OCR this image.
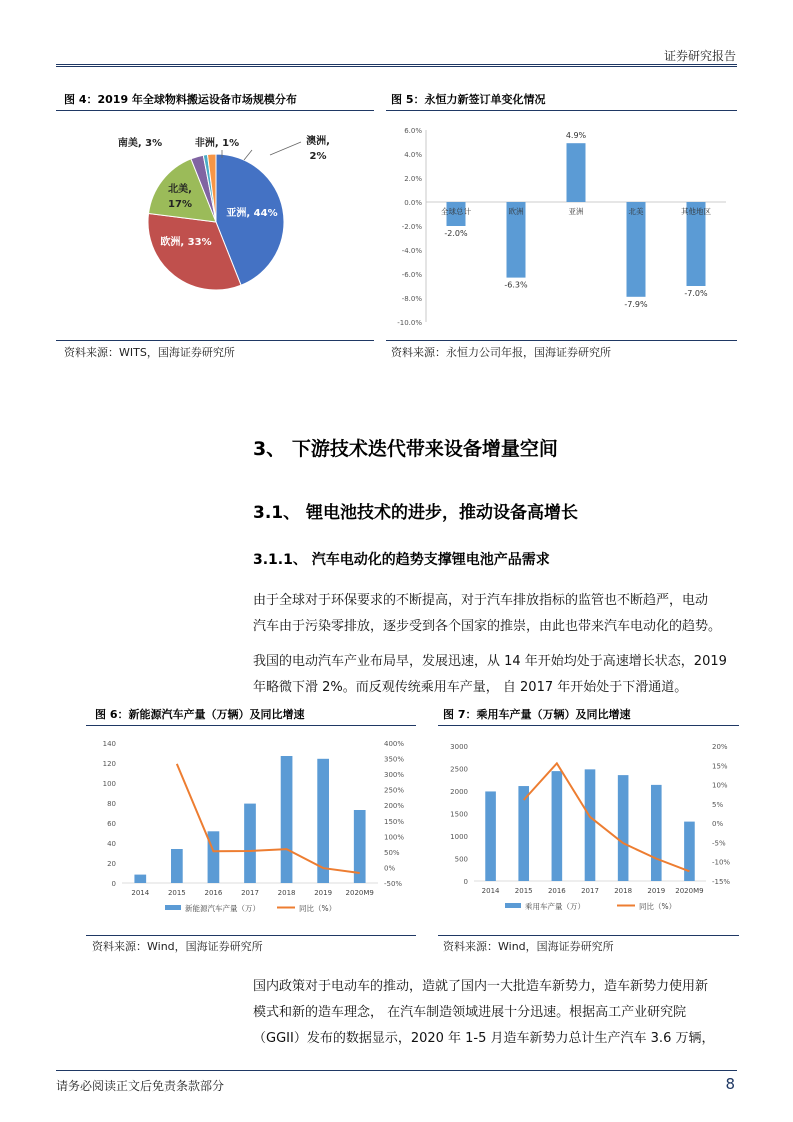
证券研究报告
图 4：2019 年全球物料搬运设备市场规模分布
亚洲, 44%
欧洲, 33%
北美,
17%
南美, 3%	非洲, 1%	澳洲,
2%
资料来源：WITS，国海证券研究所
图 5：永恒力新签订单变化情况
6.0%
4.0%
2.0%
0.0%
-2.0%
-4.0%
-6.0%
-8.0%
-10.0%
全球总计
-2.0%
欧洲
-6.3%
亚洲
4.9%
北美
-7.9%
其他地区
-7.0%
资料来源：永恒力公司年报，国海证券研究所
3、 下游技术迭代带来设备增量空间
3.1、 锂电池技术的进步，推动设备高增长
3.1.1、 汽车电动化的趋势支撑锂电池产品需求

由于全球对于环保要求的不断提高，对于汽车排放指标的监管也不断趋严，电动

汽车由于污染零排放，逐步受到各个国家的推崇，由此也带来汽车电动化的趋势。

我国的电动汽车产业布局早，发展迅速，从 14 年开始均处于高速增长状态，2019

年略微下滑 2%。而反观传统乘用车产量， 自 2017 年开始处于下滑通道。

图 6：新能源汽车产量（万辆）及同比增速
140
120
100
80
60
40
20
0
400%
350%
300%
250%
200%
150%
100%
50%
0%
-50%
2014	2015	2016	2017	2018	2019 2020M9
新能源汽车产量（万）	同比（%）
资料来源：Wind，国海证券研究所
图 7：乘用车产量（万辆）及同比增速
3000
2500
2000
1500
1000
500
0
20%
15%
10%
5%
0%
-5%
-10%
-15%
2014 2015 2016 2017 2018 2019 2020M9
乘用车产量（万）	同比（%）
资料来源：Wind，国海证券研究所

国内政策对于电动车的推动，造就了国内一大批造车新势力，造车新势力使用新

模式和新的造车理念， 在汽车制造领域进展十分迅速。根据高工产业研究院

（GGII）发布的数据显示，2020 年 1-5 月造车新势力总计生产汽车 3.6 万辆，

请务必阅读正文后免责条款部分	8
